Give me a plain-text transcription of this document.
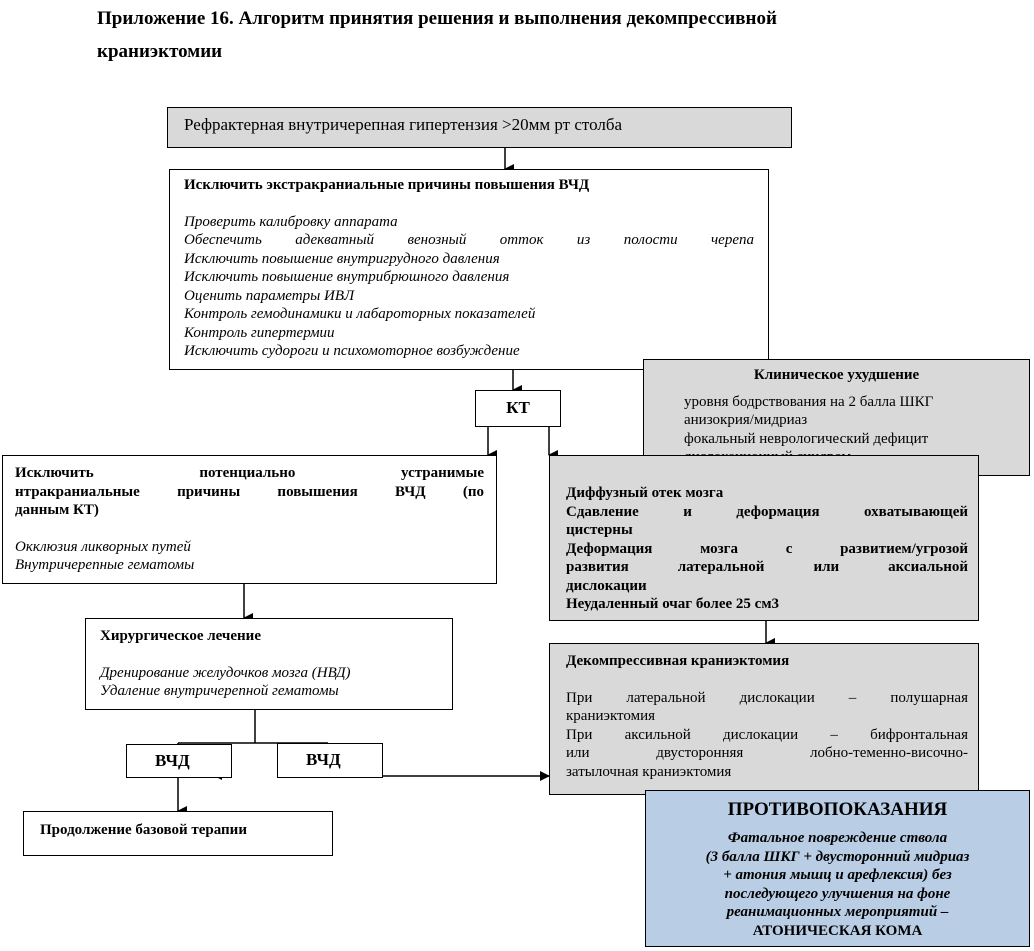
Приложение 16. Алгоритм принятия решения и выполнения декомпрессивной
краниэктомии
Рефрактерная внутричерепная гипертензия >20мм рт столба
Исключить экстракраниальные причины повышения ВЧД
Проверить калибровку аппарата
Обеспечить адекватный венозный отток из полости черепа
Исключить повышение внутригрудного давления
Исключить повышение внутрибрюшного давления
Оценить параметры ИВЛ
Контроль гемодинамики и лабароторных показателей
Контроль гипертермии
Исключить судороги и психомоторное возбуждение
КТ
Клиническое ухудшение
уровня бодрствования на 2 балла ШКГ
анизокрия/мидриаз
фокальный неврологический дефицит
Исключить потенциально устранимые
нтракраниальные причины повышения ВЧД (по
данным КТ)
Окклюзия ликворных путей
Внутричерепные гематомы
Диффузный отек мозга
Сдавление и деформация охватывающей
цистерны
Деформация мозга с развитием/угрозой
развития латеральной или аксиальной
дислокации
Неудаленный очаг более 25 см3
Хирургическое лечение
Дренирование желудочков мозга (НВД)
Удаление внутричерепной гематомы
Декомпрессивная краниэктомия
При латеральной дислокации – полушарная
краниэктомия
При аксильной дислокации – бифронтальная
или двусторонняя лобно-теменно-височно-
затылочная краниэктомия
ВЧД	ВЧД
Продолжение базовой терапии
ПРОТИВОПОКАЗАНИЯ
Фатальное повреждение ствола
(3 балла ШКГ + двусторонний мидриаз
+ атония мышц и арефлексия) без
последующего улучшения на фоне
реанимационных мероприятий –
АТОНИЧЕСКАЯ КОМА
